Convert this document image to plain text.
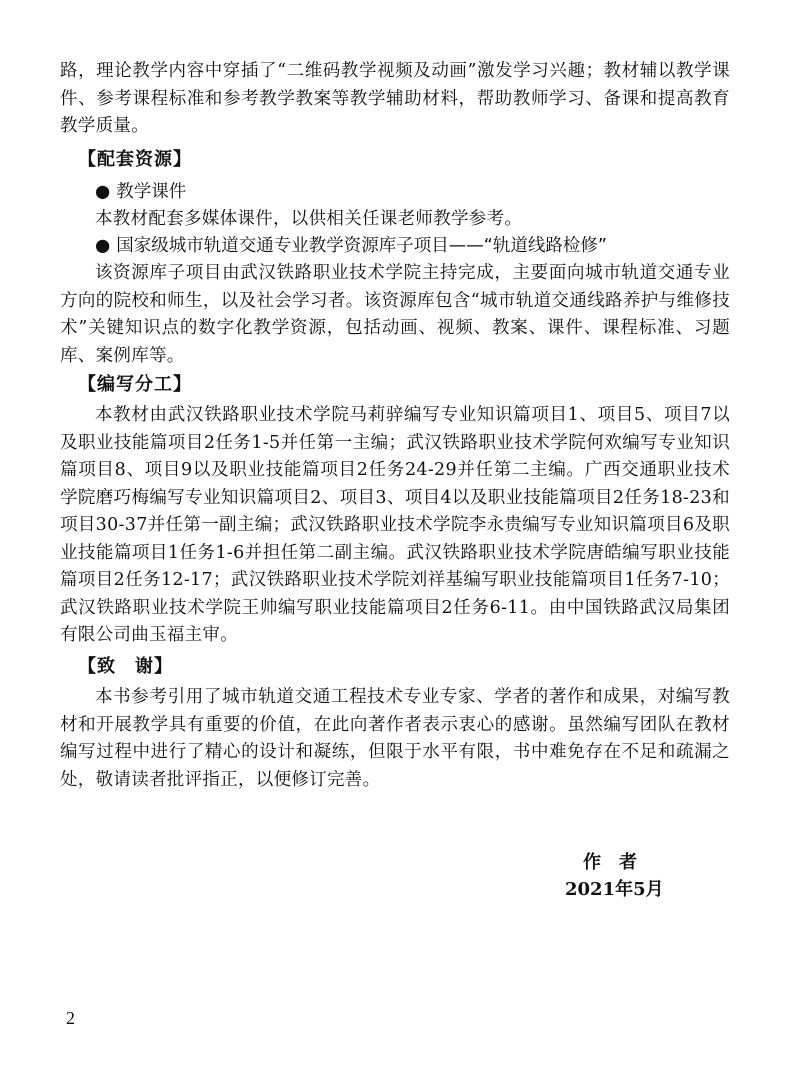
路，理论教学内容中穿插了“二维码教学视频及动画”激发学习兴趣；教材辅以教学课件、参考课程标准和参考教学教案等教学辅助材料，帮助教师学习、备课和提高教育教学质量。
【配套资源】
● 教学课件
本教材配套多媒体课件，以供相关任课老师教学参考。
● 国家级城市轨道交通专业教学资源库子项目——“轨道线路检修”
该资源库子项目由武汉铁路职业技术学院主持完成，主要面向城市轨道交通专业方向的院校和师生，以及社会学习者。该资源库包含“城市轨道交通线路养护与维修技术”关键知识点的数字化教学资源，包括动画、视频、教案、课件、课程标准、习题库、案例库等。
【编写分工】
本教材由武汉铁路职业技术学院马莉骍编写专业知识篇项目1、项目5、项目7以及职业技能篇项目2任务1-5并任第一主编；武汉铁路职业技术学院何欢编写专业知识篇项目8、项目9以及职业技能篇项目2任务24-29并任第二主编。广西交通职业技术学院磨巧梅编写专业知识篇项目2、项目3、项目4以及职业技能篇项目2任务18-23和项目30-37并任第一副主编；武汉铁路职业技术学院李永贵编写专业知识篇项目6及职业技能篇项目1任务1-6并担任第二副主编。武汉铁路职业技术学院唐皓编写职业技能篇项目2任务12-17；武汉铁路职业技术学院刘祥基编写职业技能篇项目1任务7-10；武汉铁路职业技术学院王帅编写职业技能篇项目2任务6-11。由中国铁路武汉局集团有限公司曲玉福主审。
【致　谢】
本书参考引用了城市轨道交通工程技术专业专家、学者的著作和成果，对编写教材和开展教学具有重要的价值，在此向著作者表示衷心的感谢。虽然编写团队在教材编写过程中进行了精心的设计和凝练，但限于水平有限，书中难免存在不足和疏漏之处，敬请读者批评指正，以便修订完善。
作　者
2021年5月
2
